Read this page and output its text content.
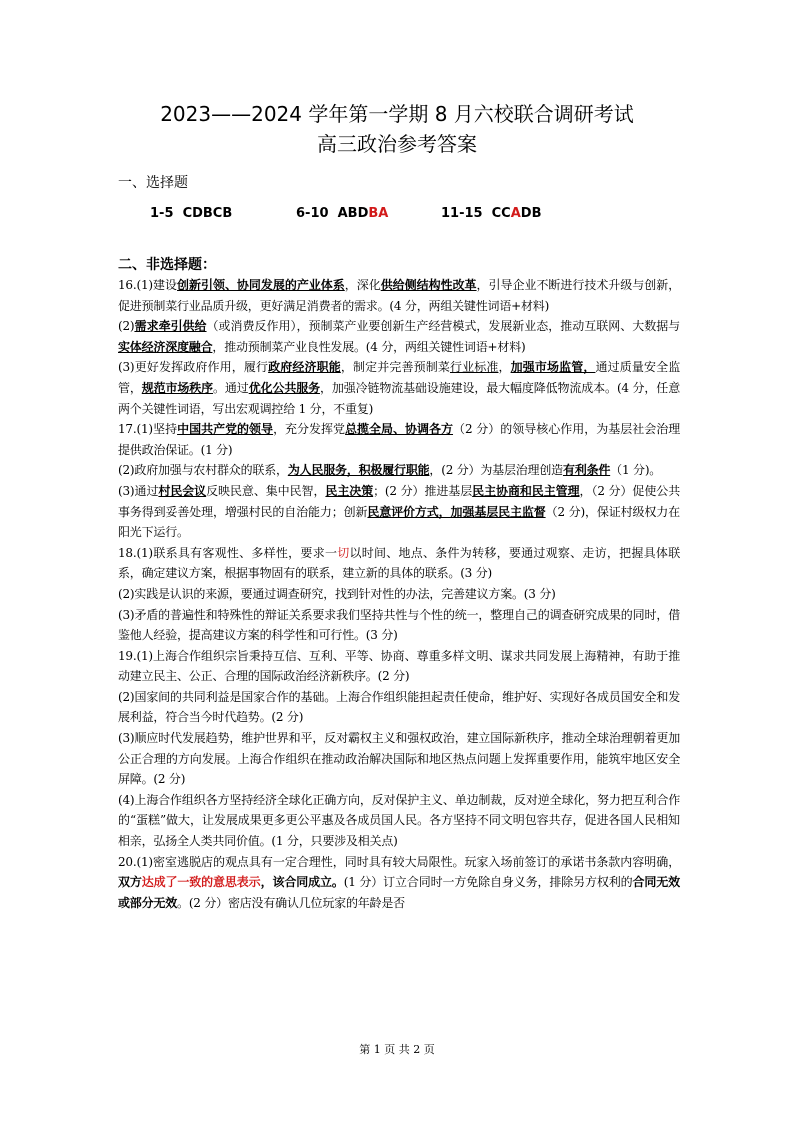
2023——2024 学年第一学期 8 月六校联合调研考试
高三政治参考答案
一、选择题
1-5 CDBCB	6-10 ABDBA	11-15 CCADB
二、非选择题：

16.(1)建设创新引领、协同发展的产业体系，深化供给侧结构性改革，引导企业不断进行技术升级与创新，促进预制菜行业品质升级，更好满足消费者的需求。(4 分，两组关键性词语+材料)

(2)需求牵引供给（或消费反作用），预制菜产业要创新生产经营模式，发展新业态，推动互联网、大数据与实体经济深度融合，推动预制菜产业良性发展。(4 分，两组关键性词语+材料)

(3)更好发挥政府作用，履行政府经济职能，制定并完善预制菜行业标准，加强市场监管，通过质量安全监管，规范市场秩序。通过优化公共服务，加强冷链物流基础设施建设，最大幅度降低物流成本。(4 分，任意两个关键性词语，写出宏观调控给 1 分，不重复)

17.(1)坚持中国共产党的领导，充分发挥党总揽全局、协调各方（2 分）的领导核心作用，为基层社会治理提供政治保证。(1 分)

(2)政府加强与农村群众的联系，为人民服务，积极履行职能，(2 分）为基层治理创造有利条件（1 分)。

(3)通过村民会议反映民意、集中民智，民主决策；(2 分）推进基层民主协商和民主管理，（2 分）促使公共事务得到妥善处理，增强村民的自治能力；创新民意评价方式，加强基层民主监督（2 分)，保证村级权力在阳光下运行。

18.(1)联系具有客观性、多样性，要求一切以时间、地点、条件为转移，要通过观察、走访，把握具体联系，确定建议方案，根据事物固有的联系，建立新的具体的联系。(3 分)

(2)实践是认识的来源，要通过调查研究，找到针对性的办法，完善建议方案。(3 分)

(3)矛盾的普遍性和特殊性的辩证关系要求我们坚持共性与个性的统一，整理自己的调查研究成果的同时，借鉴他人经验，提高建议方案的科学性和可行性。(3 分)

19.(1)上海合作组织宗旨秉持互信、互利、平等、协商、尊重多样文明、谋求共同发展上海精神，有助于推动建立民主、公正、合理的国际政治经济新秩序。(2 分)

(2)国家间的共同利益是国家合作的基础。上海合作组织能担起责任使命，维护好、实现好各成员国安全和发展利益，符合当今时代趋势。(2 分)

(3)顺应时代发展趋势，维护世界和平，反对霸权主义和强权政治，建立国际新秩序，推动全球治理朝着更加公正合理的方向发展。上海合作组织在推动政治解决国际和地区热点问题上发挥重要作用，能筑牢地区安全屏障。(2 分)

(4)上海合作组织各方坚持经济全球化正确方向，反对保护主义、单边制裁，反对逆全球化，努力把互利合作的“蛋糕”做大，让发展成果更多更公平惠及各成员国人民。各方坚持不同文明包容共存，促进各国人民相知相亲，弘扬全人类共同价值。(1 分，只要涉及相关点)

20.(1)密室逃脱店的观点具有一定合理性，同时具有较大局限性。玩家入场前签订的承诺书条款内容明确，双方达成了一致的意思表示，该合同成立。(1 分）订立合同时一方免除自身义务，排除另方权利的合同无效或部分无效。(2 分）密店没有确认几位玩家的年龄是否

第 1 页 共 2 页
